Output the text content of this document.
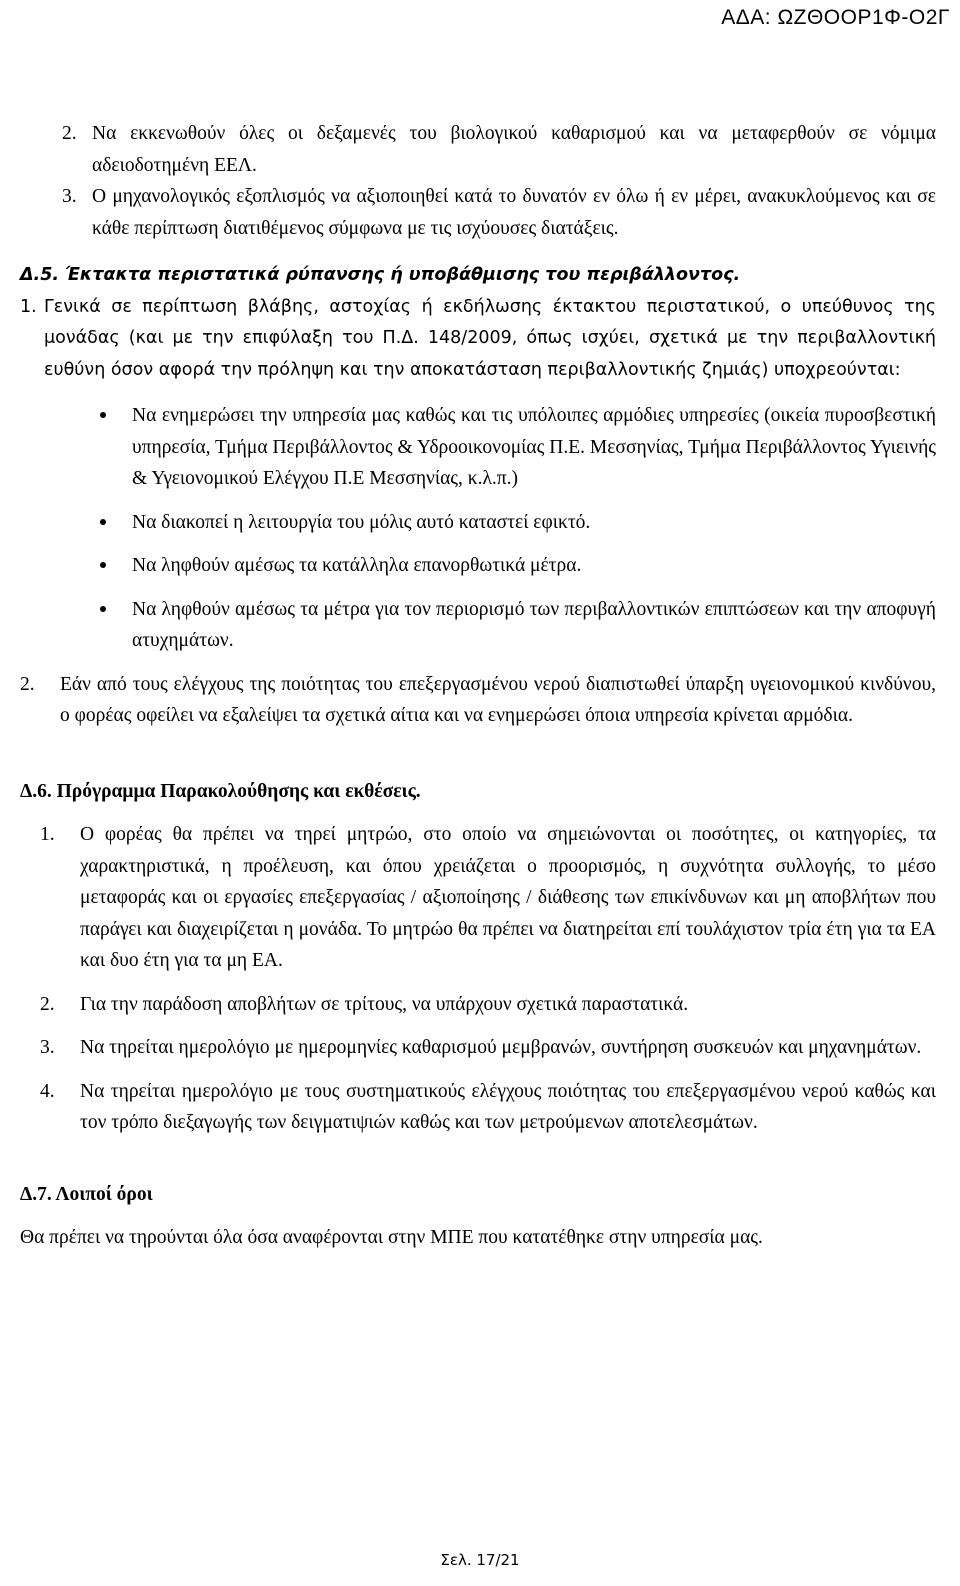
ΑΔΑ: ΩΖΘΟΟΡ1Φ-Ο2Γ
2. Να εκκενωθούν όλες οι δεξαμενές του βιολογικού καθαρισμού και να μεταφερθούν σε νόμιμα αδειοδοτημένη ΕΕΛ.
3. Ο μηχανολογικός εξοπλισμός να αξιοποιηθεί κατά το δυνατόν εν όλω ή εν μέρει, ανακυκλούμενος και σε κάθε περίπτωση διατιθέμενος σύμφωνα με τις ισχύουσες διατάξεις.
Δ.5. Έκτακτα περιστατικά ρύπανσης ή υποβάθμισης του περιβάλλοντος.
1. Γενικά σε περίπτωση βλάβης, αστοχίας ή εκδήλωσης έκτακτου περιστατικού, ο υπεύθυνος της μονάδας (και με την επιφύλαξη του Π.Δ. 148/2009, όπως ισχύει, σχετικά με την περιβαλλοντική ευθύνη όσον αφορά την πρόληψη και την αποκατάσταση περιβαλλοντικής ζημιάς) υποχρεούνται:
Να ενημερώσει την υπηρεσία μας καθώς και τις υπόλοιπες αρμόδιες υπηρεσίες (οικεία πυροσβεστική υπηρεσία, Τμήμα Περιβάλλοντος & Υδροοικονομίας Π.Ε. Μεσσηνίας, Τμήμα Περιβάλλοντος Υγιεινής & Υγειονομικού Ελέγχου Π.Ε Μεσσηνίας, κ.λ.π.)
Να διακοπεί η λειτουργία του μόλις αυτό καταστεί εφικτό.
Να ληφθούν αμέσως τα κατάλληλα επανορθωτικά μέτρα.
Να ληφθούν αμέσως τα μέτρα για τον περιορισμό των περιβαλλοντικών επιπτώσεων και την αποφυγή ατυχημάτων.
2.	Εάν από τους ελέγχους της ποιότητας του επεξεργασμένου νερού διαπιστωθεί ύπαρξη υγειονομικού κινδύνου, ο φορέας οφείλει να εξαλείψει τα σχετικά αίτια και να ενημερώσει όποια υπηρεσία κρίνεται αρμόδια.
Δ.6. Πρόγραμμα Παρακολούθησης και εκθέσεις.
1.	Ο φορέας θα πρέπει να τηρεί μητρώο, στο οποίο να σημειώνονται οι ποσότητες, οι κατηγορίες, τα χαρακτηριστικά, η προέλευση, και όπου χρειάζεται ο προορισμός, η συχνότητα συλλογής, το μέσο μεταφοράς και οι εργασίες επεξεργασίας / αξιοποίησης / διάθεσης των επικίνδυνων και μη αποβλήτων που παράγει και διαχειρίζεται η μονάδα. Το μητρώο θα πρέπει να διατηρείται επί τουλάχιστον τρία έτη για τα ΕΑ και δυο έτη για τα μη ΕΑ.
2.	Για την παράδοση αποβλήτων σε τρίτους, να υπάρχουν σχετικά παραστατικά.
3.	Να τηρείται ημερολόγιο με ημερομηνίες καθαρισμού μεμβρανών, συντήρηση συσκευών και μηχανημάτων.
4.	Να τηρείται ημερολόγιο με τους συστηματικούς ελέγχους ποιότητας του επεξεργασμένου νερού καθώς και τον τρόπο διεξαγωγής των δειγματιψιών καθώς και των μετρούμενων αποτελεσμάτων.
Δ.7. Λοιποί όροι
Θα πρέπει να τηρούνται όλα όσα αναφέρονται στην ΜΠΕ που κατατέθηκε στην υπηρεσία μας.
Σελ. 17/21
